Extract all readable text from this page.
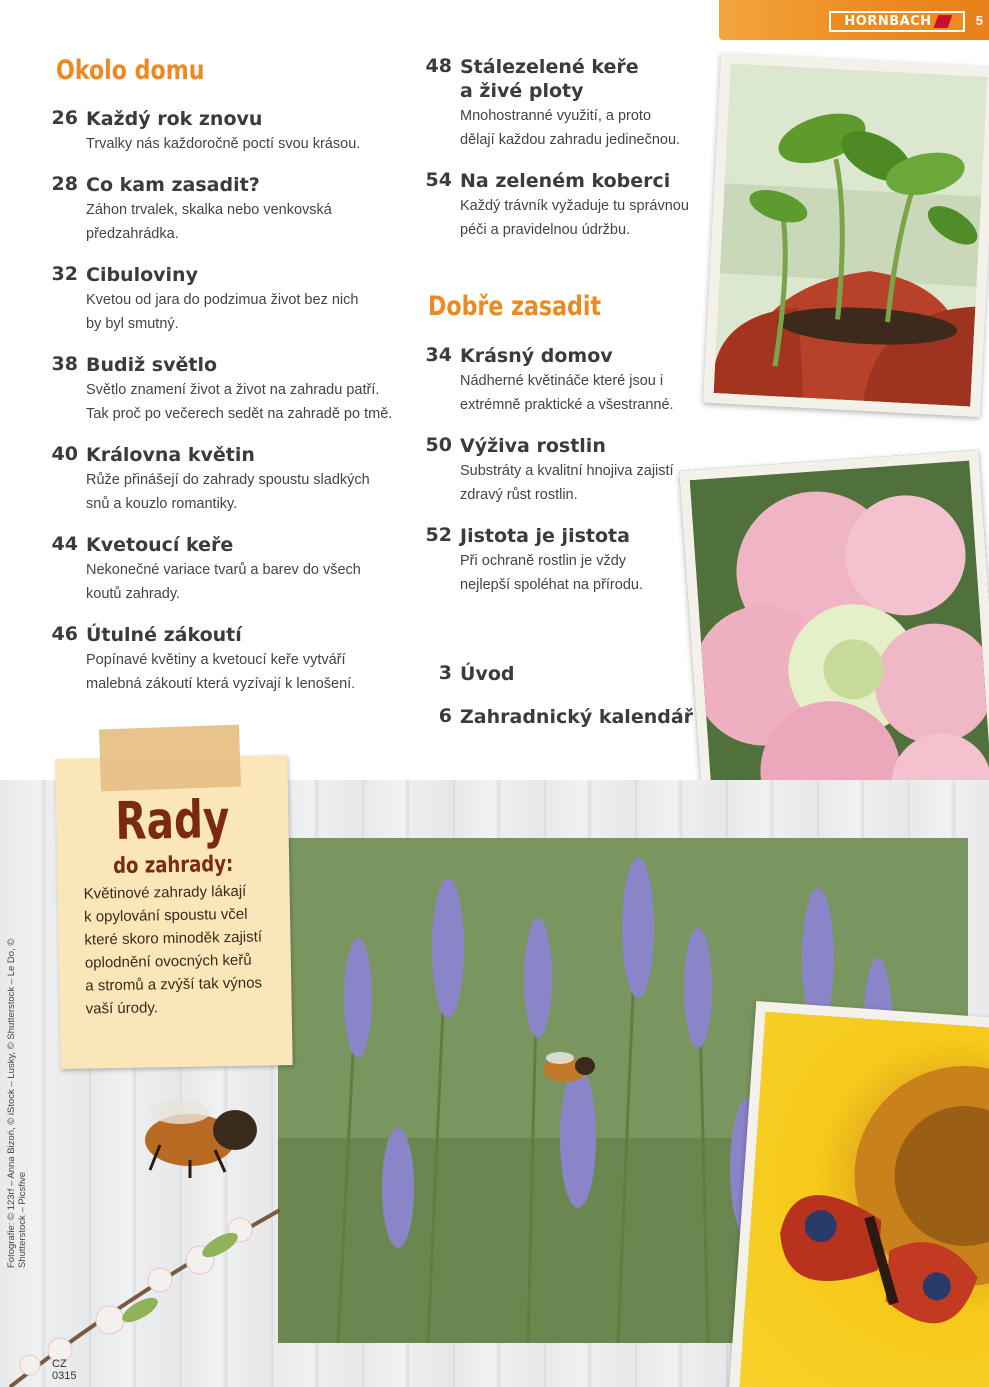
HORNBACH	5
Okolo domu
26 Každý rok znovu
Trvalky nás každoročně poctí svou krásou.
28 Co kam zasadit?
Záhon trvalek, skalka nebo venkovská
předzahrádka.
32 Cibuloviny
Kvetou od jara do podzimua život bez nich
by byl smutný.
38 Budiž světlo
Světlo znamení život a život na zahradu patří.
Tak proč po večerech sedět na zahradě po tmě.
40 Královna květin
Růže přinášejí do zahrady spoustu sladkých
snů a kouzlo romantiky.
44 Kvetoucí keře
Nekonečné variace tvarů a barev do všech
koutů zahrady.
46 Útulné zákoutí
Popínavé květiny a kvetoucí keře vytváří
malebná zákoutí která vyzívají k lenošení.
48 Stálezelené keře
a živé ploty
Mnohostranné využití, a proto
dělají každou zahradu jedinečnou.
54 Na zeleném koberci
Každý trávník vyžaduje tu správnou
péči a pravidelnou údržbu.
Dobře zasadit
34 Krásný domov
Nádherné květináče které jsou i
extrémně praktické a všestranné.
50 Výživa rostlin
Substráty a kvalitní hnojiva zajistí
zdravý růst rostlin.
52 Jistota je jistota
Při ochraně rostlin je vždy
nejlepší spoléhat na přírodu.
3 Úvod
6 Zahradnický kalendář
Rady
do zahrady:
Květinové zahrady lákají
k opylování spoustu včel
které skoro minoděk zajistí
oplodnění ovocných keřů
a stromů a zvýší tak výnos
vaší úrody.
Fotografie: © 123rf – Anna Bizoń, © iStock – Lusky, © Shutterstock – Le Do, © Shutterstock – Picsfive
CZ
0315
